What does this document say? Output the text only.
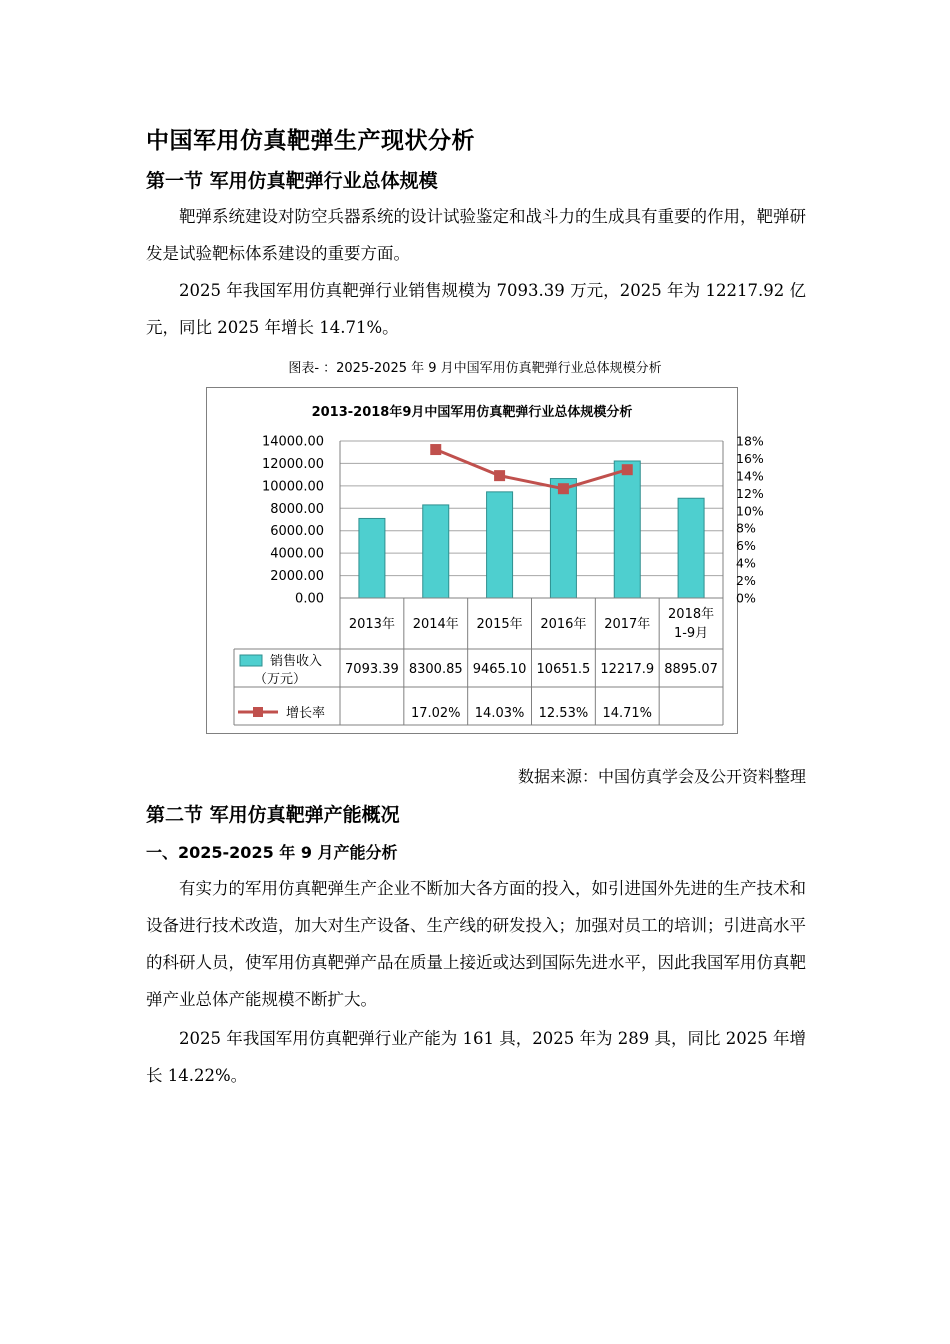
中国军用仿真靶弹生产现状分析
第一节 军用仿真靶弹行业总体规模

靶弹系统建设对防空兵器系统的设计试验鉴定和战斗力的生成具有重要的作用，靶弹研发是试验靶标体系建设的重要方面。

2025 年我国军用仿真靶弹行业销售规模为 7093.39 万元，2025 年为 12217.92 亿元，同比 2025 年增长 14.71%。

图表- ：2025-2025 年 9 月中国军用仿真靶弹行业总体规模分析
2013-2018年9月中国军用仿真靶弹行业总体规模分析
0.00
2000.00
4000.00
6000.00
8000.00
10000.00
12000.00
14000.00
0%
2%
4%
6%
8%
10%
12%
14%
16%
18%
2013年 2014年 2015年 2016年 2017年
2018年 1-9月
销售收入
（万元）
7093.39 8300.85 9465.10 10651.5 12217.9 8895.07
增长率	17.02% 14.03% 12.53% 14.71%
数据来源：中国仿真学会及公开资料整理
第二节 军用仿真靶弹产能概况
一、2025-2025 年 9 月产能分析

有实力的军用仿真靶弹生产企业不断加大各方面的投入，如引进国外先进的生产技术和设备进行技术改造，加大对生产设备、生产线的研发投入；加强对员工的培训；引进高水平的科研人员，使军用仿真靶弹产品在质量上接近或达到国际先进水平，因此我国军用仿真靶弹产业总体产能规模不断扩大。

2025 年我国军用仿真靶弹行业产能为 161 具，2025 年为 289 具，同比 2025 年增长 14.22%。
